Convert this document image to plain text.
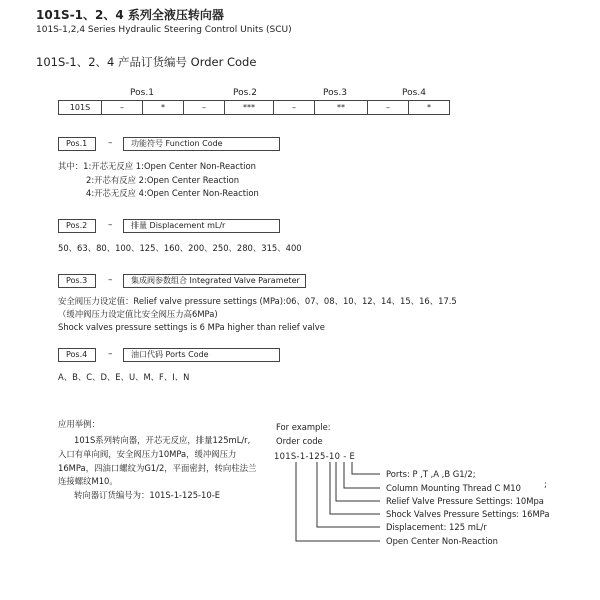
101S-1、2、4 系列全液压转向器
101S-1,2,4 Series Hydraulic Steering Control Units (SCU)
101S-1、2、4 产品订货编号 Order Code
Pos.1	Pos.2	Pos.3	Pos.4
101S	–	*	–	***	–	**	–	*
Pos.1	–	功能符号 Function Code
其中：1:开芯无反应 1:Open Center Non-Reaction
2:开芯有反应 2:Open Center Reaction
4:开芯无反应 4:Open Center Non-Reaction
Pos.2	–	排量 Displacement mL/r
50、63、80、100、125、160、200、250、280、315、400
Pos.3	–	集成阀参数组合 Integrated Valve Parameter
安全阀压力设定值：Relief valve pressure settings (MPa):06、07、08、10、12、14、15、16、17.5
（缓冲阀压力设定值比安全阀压力高6MPa)
Shock valves pressure settings is 6 MPa higher than relief valve
Pos.4	–	油口代码 Ports Code
A、B、C、D、E、U、M、F、I、N
应用举例：
101S系列转向器，开芯无反应，排量125mL/r,
入口有单向阀，安全阀压力10MPa，缓冲阀压力
16MPa，四油口螺纹为G1/2，平面密封，转向柱法兰
连接螺纹M10。
转向器订货编号为：101S-1-125-10-E
For example:
Order code
101S-1-125-10 - E
Ports: P ,T ,A ,B G1/2;
Column Mounting Thread C M10	;
Relief Valve Pressure Settings: 10Mpa
Shock Valves Pressure Settings: 16MPa
Displacement: 125 mL/r
Open Center Non-Reaction
